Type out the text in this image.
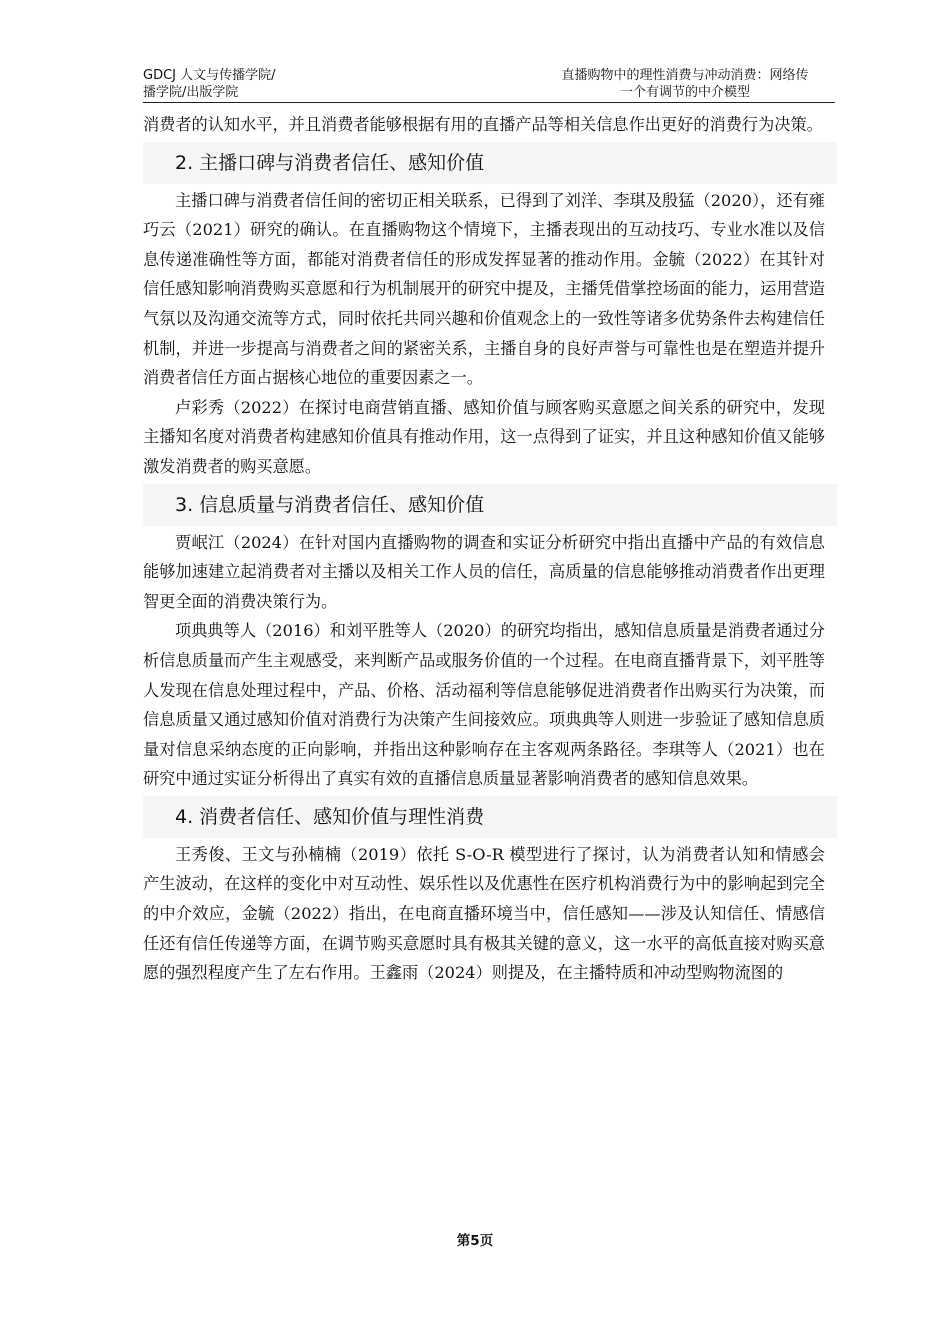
GDCJ 人文与传播学院/
播学院/出版学院
直播购物中的理性消费与冲动消费：网络传
一个有调节的中介模型

消费者的认知水平，并且消费者能够根据有用的直播产品等相关信息作出更好的消费行为决策。

2. 主播口碑与消费者信任、感知价值

主播口碑与消费者信任间的密切正相关联系，已得到了刘洋、李琪及殷猛（2020），还有雍巧云（2021）研究的确认。在直播购物这个情境下，主播表现出的互动技巧、专业水准以及信息传递准确性等方面，都能对消费者信任的形成发挥显著的推动作用。金毓（2022）在其针对信任感知影响消费购买意愿和行为机制展开的研究中提及，主播凭借掌控场面的能力，运用营造气氛以及沟通交流等方式，同时依托共同兴趣和价值观念上的一致性等诸多优势条件去构建信任机制，并进一步提高与消费者之间的紧密关系，主播自身的良好声誉与可靠性也是在塑造并提升消费者信任方面占据核心地位的重要因素之一。

卢彩秀（2022）在探讨电商营销直播、感知价值与顾客购买意愿之间关系的研究中，发现主播知名度对消费者构建感知价值具有推动作用，这一点得到了证实，并且这种感知价值又能够激发消费者的购买意愿。

3. 信息质量与消费者信任、感知价值

贾岷江（2024）在针对国内直播购物的调查和实证分析研究中指出直播中产品的有效信息能够加速建立起消费者对主播以及相关工作人员的信任，高质量的信息能够推动消费者作出更理智更全面的消费决策行为。

项典典等人（2016）和刘平胜等人（2020）的研究均指出，感知信息质量是消费者通过分析信息质量而产生主观感受，来判断产品或服务价值的一个过程。在电商直播背景下，刘平胜等人发现在信息处理过程中，产品、价格、活动福利等信息能够促进消费者作出购买行为决策，而信息质量又通过感知价值对消费行为决策产生间接效应。项典典等人则进一步验证了感知信息质量对信息采纳态度的正向影响，并指出这种影响存在主客观两条路径。李琪等人（2021）也在研究中通过实证分析得出了真实有效的直播信息质量显著影响消费者的感知信息效果。

4. 消费者信任、感知价值与理性消费

王秀俊、王文与孙楠楠（2019）依托 S-O-R 模型进行了探讨，认为消费者认知和情感会产生波动，在这样的变化中对互动性、娱乐性以及优惠性在医疗机构消费行为中的影响起到完全的中介效应，金毓（2022）指出，在电商直播环境当中，信任感知——涉及认知信任、情感信任还有信任传递等方面，在调节购买意愿时具有极其关键的意义，这一水平的高低直接对购买意愿的强烈程度产生了左右作用。王鑫雨（2024）则提及，在主播特质和冲动型购物流图的

第5页
